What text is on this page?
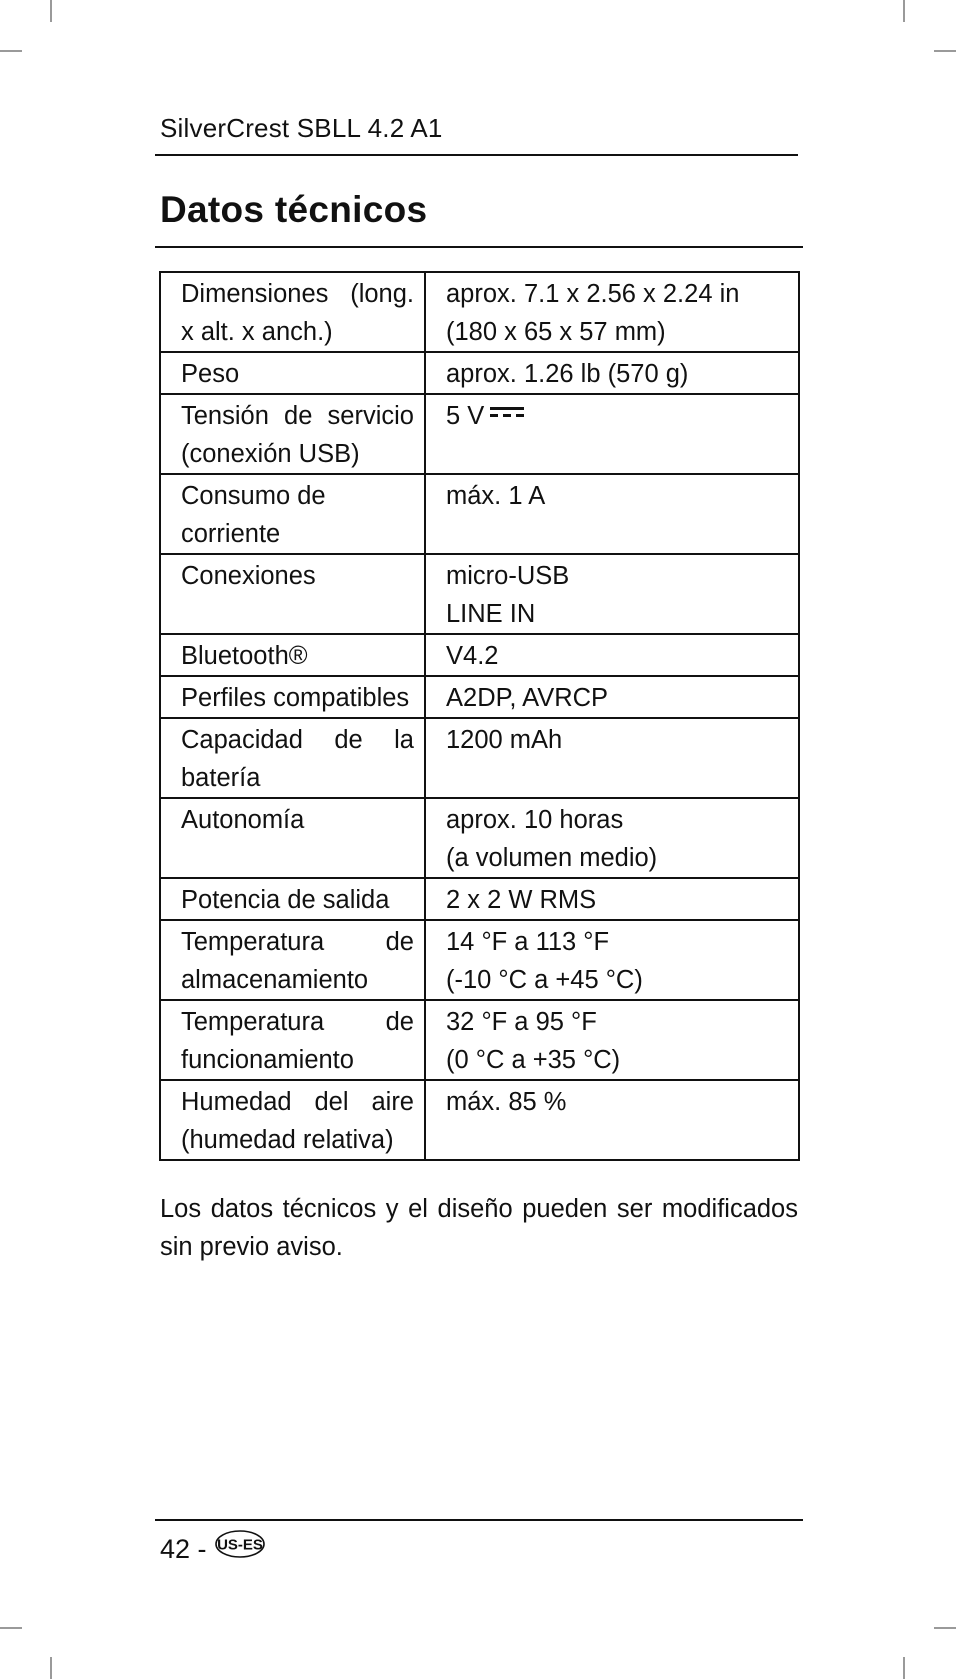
SilverCrest SBLL 4.2 A1
Datos técnicos
Dimensiones (long.
x alt. x anch.)	aprox. 7.1 x 2.56 x 2.24 in
(180 x 65 x 57 mm)

Peso	aprox. 1.26 lb (570 g)

Tensión de servicio
(conexión USB)	5 V

Consumo de
corriente	máx. 1 A

Conexiones	micro-USB
LINE IN

Bluetooth®	V4.2

Perfiles compatibles	A2DP, AVRCP

Capacidad de la
batería	1200 mAh

Autonomía	aprox. 10 horas
(a volumen medio)

Potencia de salida	2 x 2 W RMS

Temperatura de
almacenamiento	14 °F a 113 °F
(-10 °C a +45 °C)

Temperatura de
funcionamiento	32 °F a 95 °F
(0 °C a +35 °C)

Humedad del aire
(humedad relativa)	máx. 85 %
Los datos técnicos y el diseño pueden ser modificados
sin previo aviso.
42 - US-ES
